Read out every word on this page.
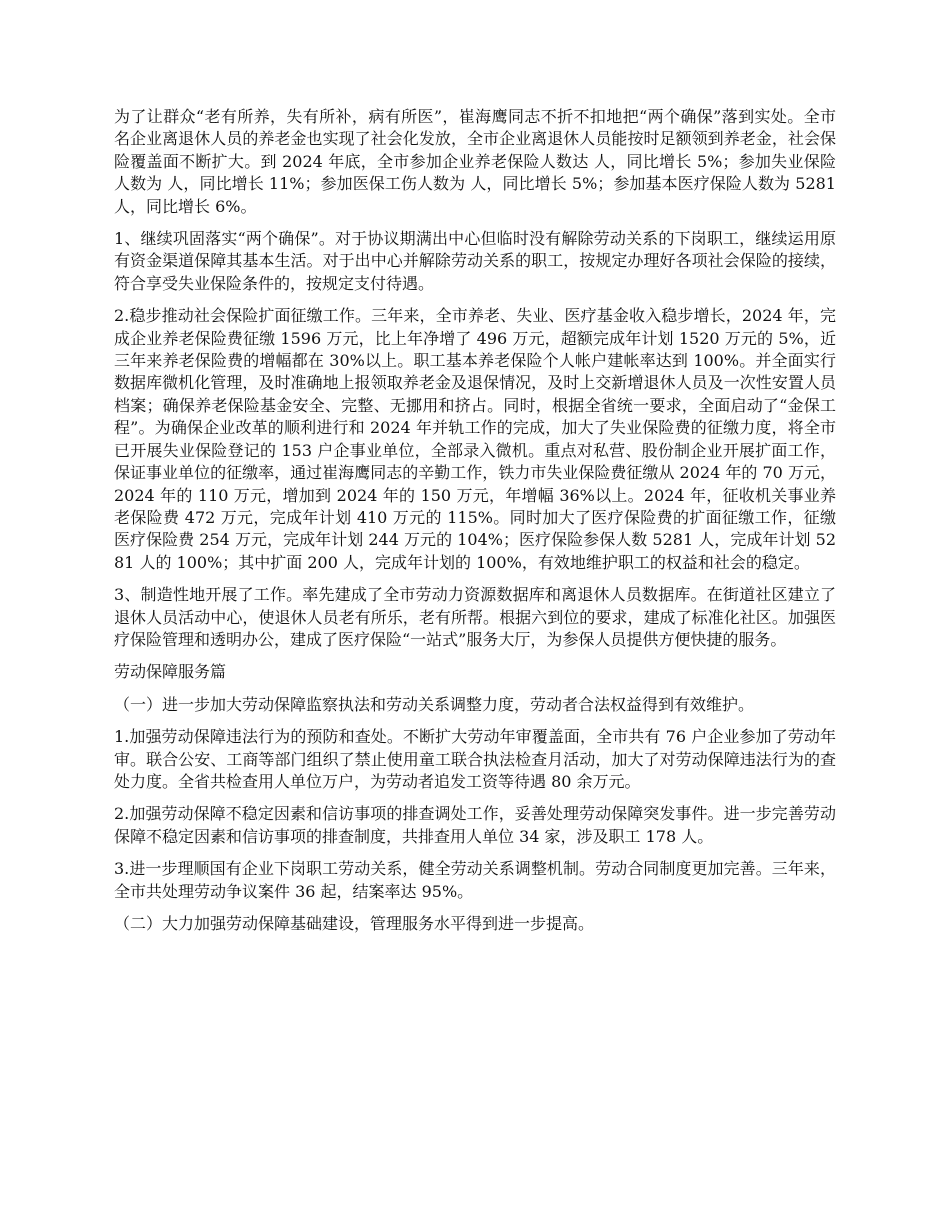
为了让群众“老有所养，失有所补，病有所医”，崔海鹰同志不折不扣地把“两个确保”落到实处。全市 名企业离退休人员的养老金也实现了社会化发放，全市企业离退休人员能按时足额领到养老金，社会保险覆盖面不断扩大。到 2024 年底，全市参加企业养老保险人数达 人，同比增长 5%；参加失业保险人数为 人，同比增长 11%；参加医保工伤人数为 人，同比增长 5%；参加基本医疗保险人数为 5281 人，同比增长 6%。

1、继续巩固落实“两个确保”。对于协议期满出中心但临时没有解除劳动关系的下岗职工，继续运用原有资金渠道保障其基本生活。对于出中心并解除劳动关系的职工，按规定办理好各项社会保险的接续，符合享受失业保险条件的，按规定支付待遇。

2.稳步推动社会保险扩面征缴工作。三年来，全市养老、失业、医疗基金收入稳步增长，2024 年，完成企业养老保险费征缴 1596 万元，比上年净增了 496 万元，超额完成年计划 1520 万元的 5%，近三年来养老保险费的增幅都在 30%以上。职工基本养老保险个人帐户建帐率达到 100%。并全面实行数据库微机化管理，及时准确地上报领取养老金及退保情况，及时上交新增退休人员及一次性安置人员档案；确保养老保险基金安全、完整、无挪用和挤占。同时，根据全省统一要求，全面启动了“金保工程”。为确保企业改革的顺利进行和 2024 年并轨工作的完成，加大了失业保险费的征缴力度，将全市已开展失业保险登记的 153 户企事业单位，全部录入微机。重点对私营、股份制企业开展扩面工作，保证事业单位的征缴率，通过崔海鹰同志的辛勤工作，铁力市失业保险费征缴从 2024 年的 70 万元，2024 年的 110 万元，增加到 2024 年的 150 万元，年增幅 36%以上。2024 年，征收机关事业养老保险费 472 万元，完成年计划 410 万元的 115%。同时加大了医疗保险费的扩面征缴工作，征缴医疗保险费 254 万元，完成年计划 244 万元的 104%；医疗保险参保人数 5281 人，完成年计划 5281 人的 100%；其中扩面 200 人，完成年计划的 100%，有效地维护职工的权益和社会的稳定。

3、制造性地开展了工作。率先建成了全市劳动力资源数据库和离退休人员数据库。在街道社区建立了退休人员活动中心，使退休人员老有所乐，老有所帮。根据六到位的要求，建成了标准化社区。加强医疗保险管理和透明办公，建成了医疗保险“一站式”服务大厅，为参保人员提供方便快捷的服务。

劳动保障服务篇

（一）进一步加大劳动保障监察执法和劳动关系调整力度，劳动者合法权益得到有效维护。

1.加强劳动保障违法行为的预防和查处。不断扩大劳动年审覆盖面，全市共有 76 户企业参加了劳动年审。联合公安、工商等部门组织了禁止使用童工联合执法检查月活动，加大了对劳动保障违法行为的查处力度。全省共检查用人单位万户，为劳动者追发工资等待遇 80 余万元。

2.加强劳动保障不稳定因素和信访事项的排查调处工作，妥善处理劳动保障突发事件。进一步完善劳动保障不稳定因素和信访事项的排查制度，共排查用人单位 34 家，涉及职工 178 人。

3.进一步理顺国有企业下岗职工劳动关系，健全劳动关系调整机制。劳动合同制度更加完善。三年来，全市共处理劳动争议案件 36 起，结案率达 95%。

（二）大力加强劳动保障基础建设，管理服务水平得到进一步提高。
